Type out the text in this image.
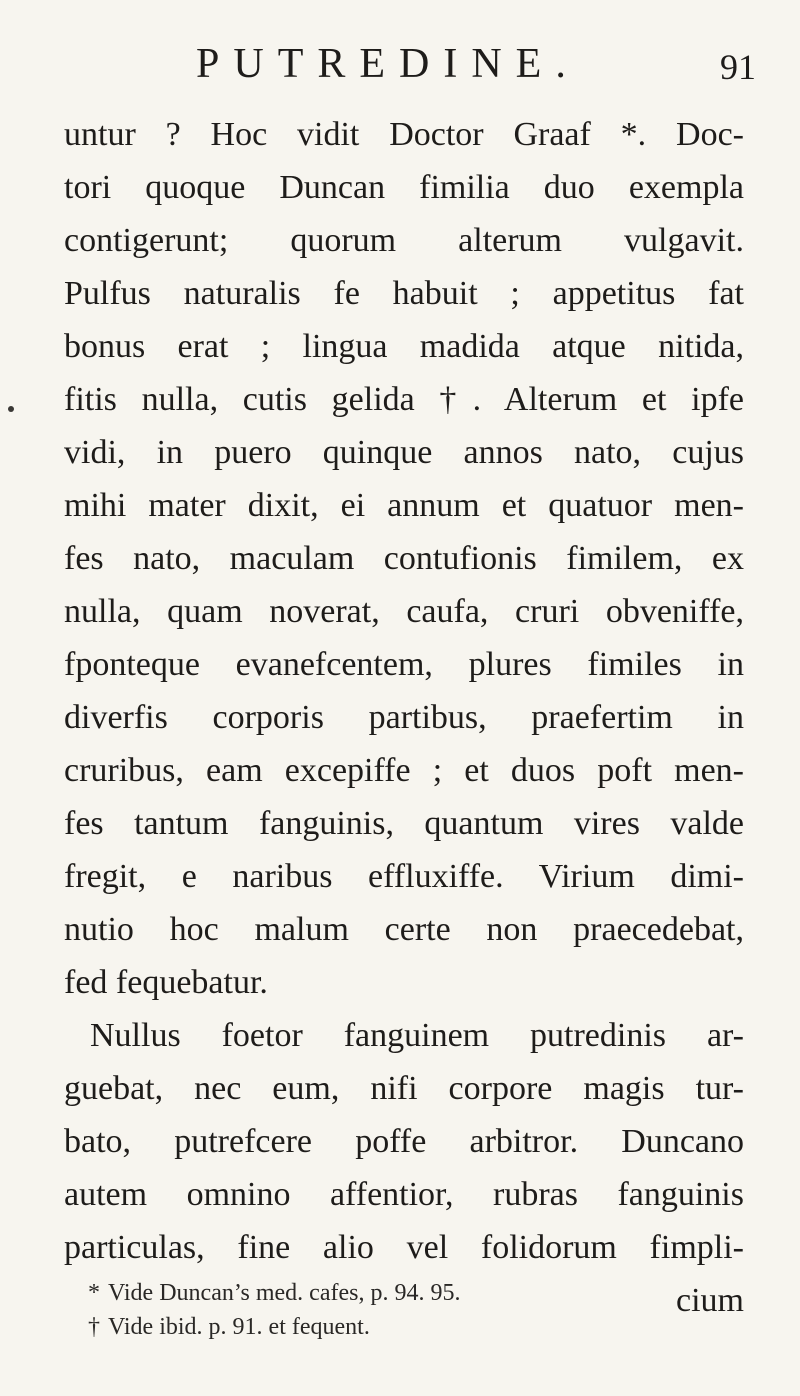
PUTREDINE.	91
untur ? Hoc vidit Doctor Graaf *. Doc-
tori quoque Duncan fimilia duo exempla
contigerunt; quorum alterum vulgavit.
Pulfus naturalis fe habuit ; appetitus fat
bonus erat ; lingua madida atque nitida,
fitis nulla, cutis gelida †. Alterum et ipfe
vidi, in puero quinque annos nato, cujus
mihi mater dixit, ei annum et quatuor men-
fes nato, maculam contufionis fimilem, ex
nulla, quam noverat, caufa, cruri obveniffe,
fponteque evanefcentem, plures fimiles in
diverfis corporis partibus, praefertim in
cruribus, eam excepiffe ; et duos poft men-
fes tantum fanguinis, quantum vires valde
fregit, e naribus effluxiffe. Virium dimi-
nutio hoc malum certe non praecedebat,
fed fequebatur.
Nullus foetor fanguinem putredinis ar-
guebat, nec eum, nifi corpore magis tur-
bato, putrefcere poffe arbitror. Duncano
autem omnino affentior, rubras fanguinis
particulas, fine alio vel folidorum fimpli-
cium
* Vide Duncan’s med. cafes, p. 94. 95.
† Vide ibid. p. 91. et fequent.
